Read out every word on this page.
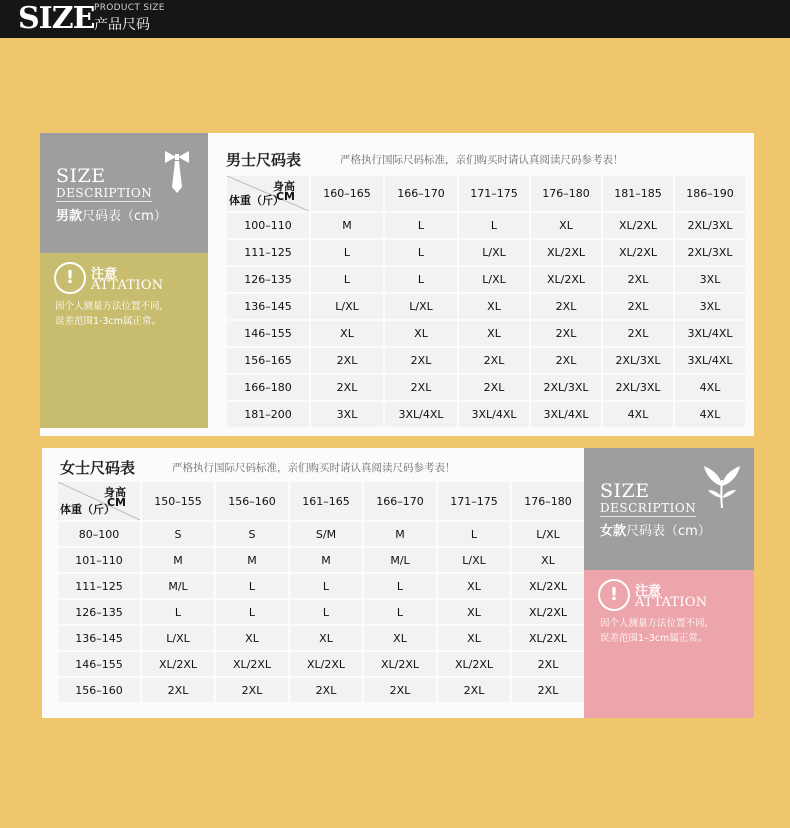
SIZE PRODUCT SIZE
产品尺码
SIZE
DESCRIPTION
男款尺码表（cm）
!	注意
ATTATION
因个人测量方法位置不同,
误差范围1-3cm属正常。
男士尺码表	严格执行国际尺码标准，亲们购买时请认真阅读尺码参考表！
身高
CM
体重（斤）	160–165	166–170	171–175	176–180	181–185	186–190
100–110	M	L	L	XL	XL/2XL	2XL/3XL
111–125	L	L	L/XL	XL/2XL	XL/2XL	2XL/3XL
126–135	L	L	L/XL	XL/2XL	2XL	3XL
136–145	L/XL	L/XL	XL	2XL	2XL	3XL
146–155	XL	XL	XL	2XL	2XL	3XL/4XL
156–165	2XL	2XL	2XL	2XL	2XL/3XL	3XL/4XL
166–180	2XL	2XL	2XL	2XL/3XL	2XL/3XL	4XL
181–200	3XL	3XL/4XL	3XL/4XL	3XL/4XL	4XL	4XL
SIZE
DESCRIPTION
女款尺码表（cm）
!	注意
ATTATION
因个人测量方法位置不同,
误差范围1–3cm属正常。
女士尺码表	严格执行国际尺码标准，亲们购买时请认真阅读尺码参考表！
身高
CM
体重（斤）	150–155	156–160	161–165	166–170	171–175	176–180
80–100	S	S	S/M	M	L	L/XL
101–110	M	M	M	M/L	L/XL	XL
111–125	M/L	L	L	L	XL	XL/2XL
126–135	L	L	L	L	XL	XL/2XL
136–145	L/XL	XL	XL	XL	XL	XL/2XL
146–155	XL/2XL	XL/2XL	XL/2XL	XL/2XL	XL/2XL	2XL
156–160	2XL	2XL	2XL	2XL	2XL	2XL
